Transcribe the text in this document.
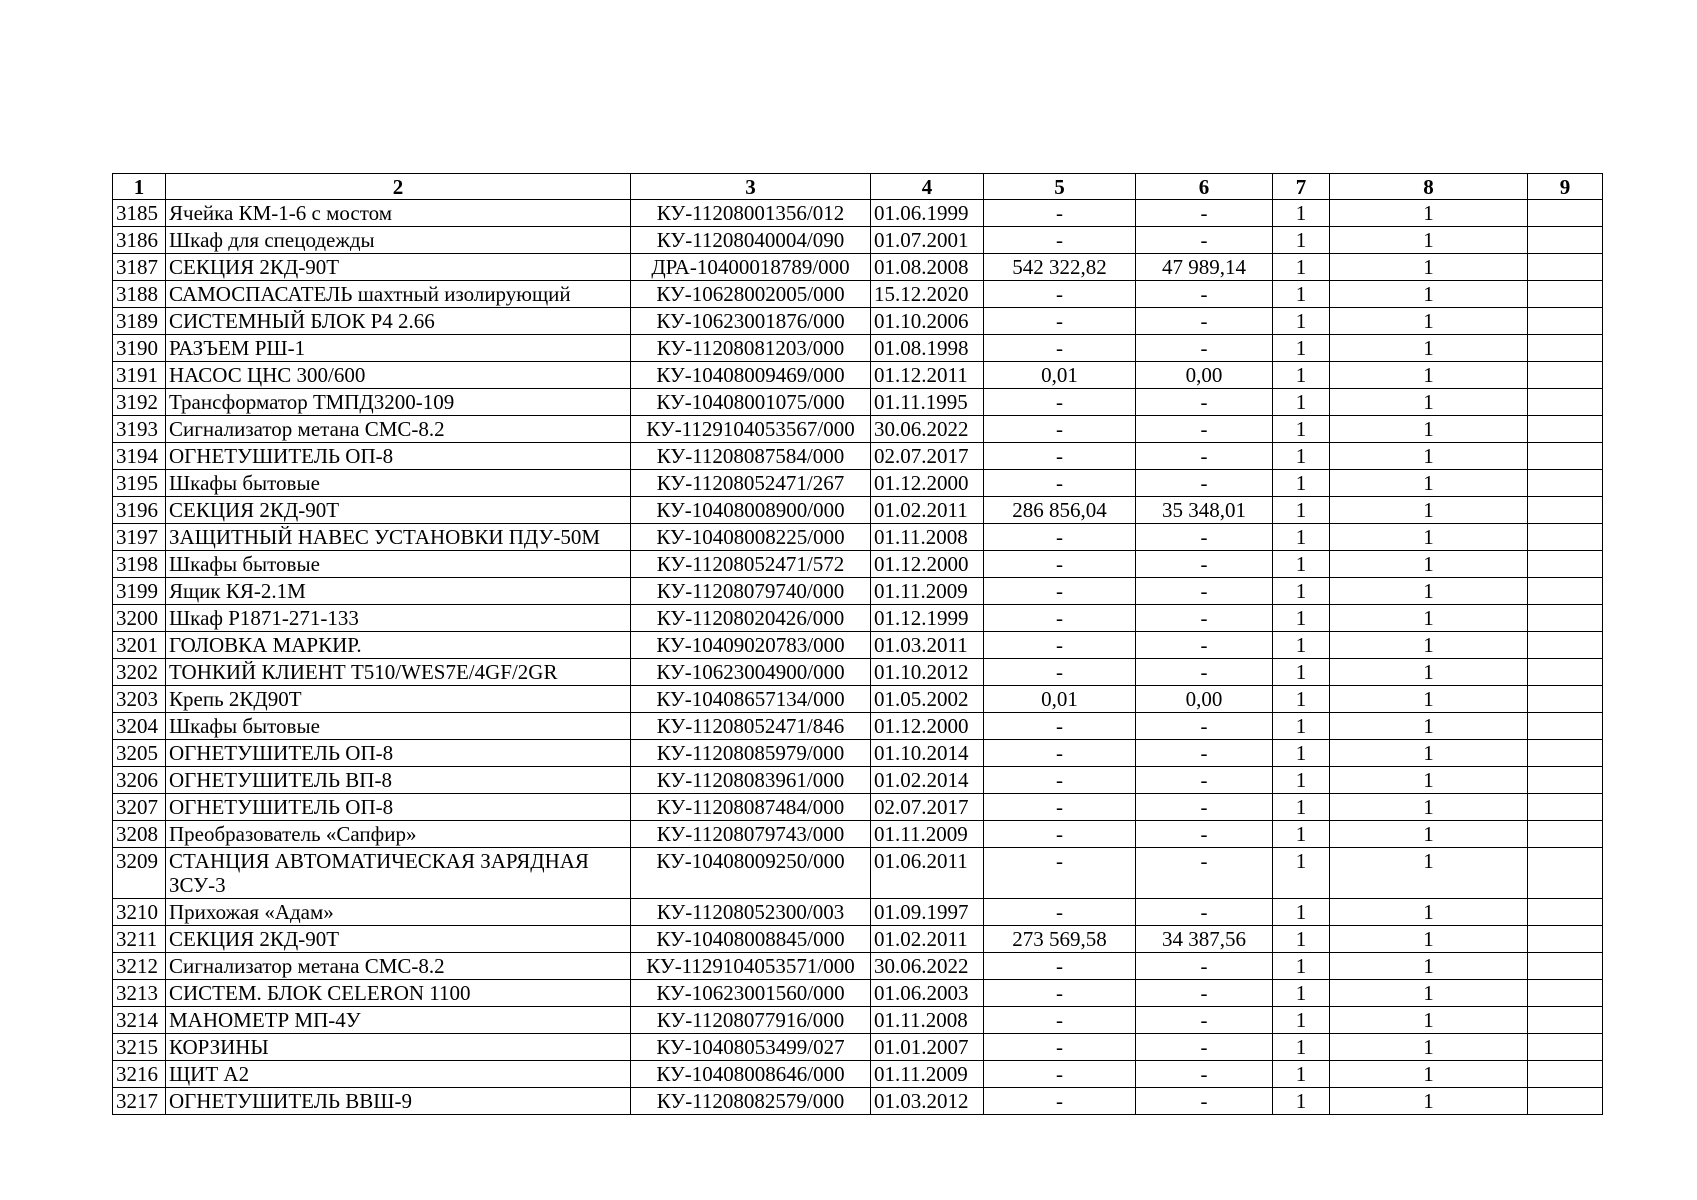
1	2	3	4	5	6	7	8	9
3185	Ячейка КМ-1-6 с мостом	КУ-11208001356/012	01.06.1999	-	-	1	1	
3186	Шкаф для спецодежды	КУ-11208040004/090	01.07.2001	-	-	1	1	
3187	СЕКЦИЯ 2КД-90Т	ДРА-10400018789/000	01.08.2008	542 322,82	47 989,14	1	1	
3188	САМОСПАСАТЕЛЬ шахтный изолирующий	КУ-10628002005/000	15.12.2020	-	-	1	1	
3189	СИСТЕМНЫЙ БЛОК Р4 2.66	КУ-10623001876/000	01.10.2006	-	-	1	1	
3190	РАЗЪЕМ РШ-1	КУ-11208081203/000	01.08.1998	-	-	1	1	
3191	НАСОС ЦНС 300/600	КУ-10408009469/000	01.12.2011	0,01	0,00	1	1	
3192	Трансформатор ТМПД3200-109	КУ-10408001075/000	01.11.1995	-	-	1	1	
3193	Сигнализатор метана СМС-8.2	КУ-1129104053567/000	30.06.2022	-	-	1	1	
3194	ОГНЕТУШИТЕЛЬ ОП-8	КУ-11208087584/000	02.07.2017	-	-	1	1	
3195	Шкафы бытовые	КУ-11208052471/267	01.12.2000	-	-	1	1	
3196	СЕКЦИЯ 2КД-90Т	КУ-10408008900/000	01.02.2011	286 856,04	35 348,01	1	1	
3197	ЗАЩИТНЫЙ НАВЕС УСТАНОВКИ ПДУ-50М	КУ-10408008225/000	01.11.2008	-	-	1	1	
3198	Шкафы бытовые	КУ-11208052471/572	01.12.2000	-	-	1	1	
3199	Ящик КЯ-2.1М	КУ-11208079740/000	01.11.2009	-	-	1	1	
3200	Шкаф Р1871-271-133	КУ-11208020426/000	01.12.1999	-	-	1	1	
3201	ГОЛОВКА МАРКИР.	КУ-10409020783/000	01.03.2011	-	-	1	1	
3202	ТОНКИЙ КЛИЕНТ Т510/WES7E/4GF/2GR	КУ-10623004900/000	01.10.2012	-	-	1	1	
3203	Крепь 2КД90Т	КУ-10408657134/000	01.05.2002	0,01	0,00	1	1	
3204	Шкафы бытовые	КУ-11208052471/846	01.12.2000	-	-	1	1	
3205	ОГНЕТУШИТЕЛЬ ОП-8	КУ-11208085979/000	01.10.2014	-	-	1	1	
3206	ОГНЕТУШИТЕЛЬ ВП-8	КУ-11208083961/000	01.02.2014	-	-	1	1	
3207	ОГНЕТУШИТЕЛЬ ОП-8	КУ-11208087484/000	02.07.2017	-	-	1	1	
3208	Преобразователь «Сапфир»	КУ-11208079743/000	01.11.2009	-	-	1	1	
3209	СТАНЦИЯ АВТОМАТИЧЕСКАЯ ЗАРЯДНАЯ ЗСУ-3	КУ-10408009250/000	01.06.2011	-	-	1	1	
3210	Прихожая «Адам»	КУ-11208052300/003	01.09.1997	-	-	1	1	
3211	СЕКЦИЯ 2КД-90Т	КУ-10408008845/000	01.02.2011	273 569,58	34 387,56	1	1	
3212	Сигнализатор метана СМС-8.2	КУ-1129104053571/000	30.06.2022	-	-	1	1	
3213	СИСТЕМ. БЛОК CELERON 1100	КУ-10623001560/000	01.06.2003	-	-	1	1	
3214	МАНОМЕТР МП-4У	КУ-11208077916/000	01.11.2008	-	-	1	1	
3215	КОРЗИНЫ	КУ-10408053499/027	01.01.2007	-	-	1	1	
3216	ЩИТ А2	КУ-10408008646/000	01.11.2009	-	-	1	1	
3217	ОГНЕТУШИТЕЛЬ ВВШ-9	КУ-11208082579/000	01.03.2012	-	-	1	1	
